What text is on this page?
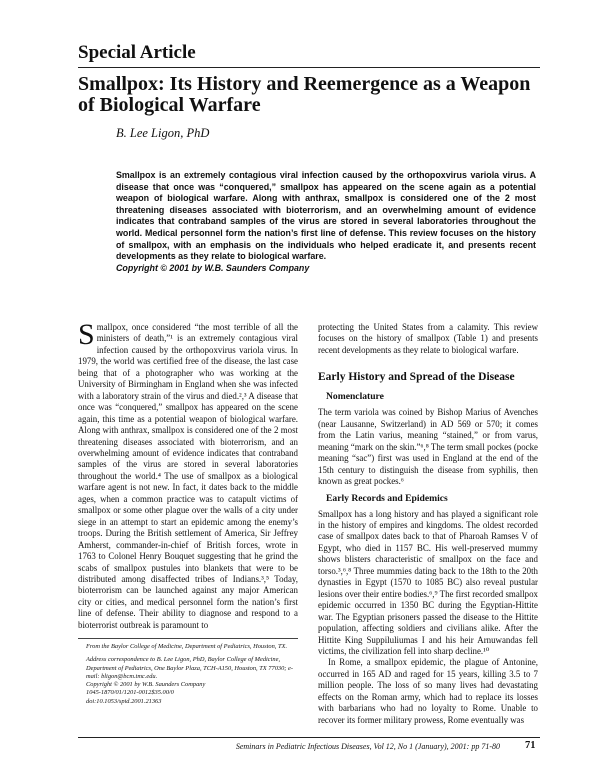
Special Article
Smallpox: Its History and Reemergence as a Weapon of Biological Warfare
B. Lee Ligon, PhD
Smallpox is an extremely contagious viral infection caused by the orthopoxvirus variola virus. A disease that once was “conquered,” smallpox has appeared on the scene again as a potential weapon of biological warfare. Along with anthrax, smallpox is considered one of the 2 most threatening diseases associated with bioterrorism, and an overwhelming amount of evidence indicates that contraband samples of the virus are stored in several laboratories throughout the world. Medical personnel form the nation’s first line of defense. This review focuses on the history of smallpox, with an emphasis on the individuals who helped eradicate it, and presents recent developments as they relate to biological warfare.
Copyright © 2001 by W.B. Saunders Company

Smallpox, once considered “the most terrible of all the ministers of death,”¹ is an extremely contagious viral infection caused by the orthopoxvirus variola virus. In 1979, the world was certified free of the disease, the last case being that of a photographer who was working at the University of Birmingham in England when she was infected with a laboratory strain of the virus and died.²,³ A disease that once was “conquered,” smallpox has appeared on the scene again, this time as a potential weapon of biological warfare. Along with anthrax, smallpox is considered one of the 2 most threatening diseases associated with bioterrorism, and an overwhelming amount of evidence indicates that contraband samples of the virus are stored in several laboratories throughout the world.⁴ The use of smallpox as a biological warfare agent is not new. In fact, it dates back to the middle ages, when a common practice was to catapult victims of smallpox or some other plague over the walls of a city under siege in an attempt to start an epidemic among the enemy’s troops. During the British settlement of America, Sir Jeffrey Amherst, commander-in-chief of British forces, wrote in 1763 to Colonel Henry Bouquet suggesting that he grind the scabs of smallpox pustules into blankets that were to be distributed among disaffected tribes of Indians.³,⁵ Today, bioterrorism can be launched against any major American city or cities, and medical personnel form the nation’s first line of defense. Their ability to diagnose and respond to a bioterrorist outbreak is paramount to

protecting the United States from a calamity. This review focuses on the history of smallpox (Table 1) and presents recent developments as they relate to biological warfare.

Early History and Spread of the Disease
Nomenclature

The term variola was coined by Bishop Marius of Avenches (near Lausanne, Switzerland) in AD 569 or 570; it comes from the Latin varius, meaning “stained,” or from varus, meaning “mark on the skin.”⁶,⁸ The term small pockes (pocke meaning “sac”) first was used in England at the end of the 15th century to distinguish the disease from syphilis, then known as great pockes.⁶

Early Records and Epidemics

Smallpox has a long history and has played a significant role in the history of empires and kingdoms. The oldest recorded case of smallpox dates back to that of Pharoah Ramses V of Egypt, who died in 1157 BC. His well-preserved mummy shows blisters characteristic of smallpox on the face and torso.³,⁶,⁸ Three mummies dating back to the 18th to the 20th dynasties in Egypt (1570 to 1085 BC) also reveal pustular lesions over their entire bodies.⁶,⁹ The first recorded smallpox epidemic occurred in 1350 BC during the Egyptian-Hittite war. The Egyptian prisoners passed the disease to the Hittite population, affecting soldiers and civilians alike. After the Hittite King Suppiluliumas I and his heir Arnuwandas fell victims, the civilization fell into sharp decline.¹⁰

In Rome, a smallpox epidemic, the plague of Antonine, occurred in 165 AD and raged for 15 years, killing 3.5 to 7 million people. The loss of so many lives had devastating effects on the Roman army, which had to replace its losses with barbarians who had no loyalty to Rome. Unable to recover its former military prowess, Rome eventually was

From the Baylor College of Medicine, Department of Pediatrics, Houston, TX.

Address correspondence to B. Lee Ligon, PhD, Baylor College of Medicine, Department of Pediatrics, One Baylor Plaza, TCH-A150, Houston, TX 77030; e-mail: bligon@bcm.tmc.edu.

Copyright © 2001 by W.B. Saunders Company

1045-1870/01/1201-0012$35.00/0

doi:10.1053/spid.2001.21363

Seminars in Pediatric Infectious Diseases, Vol 12, No 1 (January), 2001: pp 71-80 71
